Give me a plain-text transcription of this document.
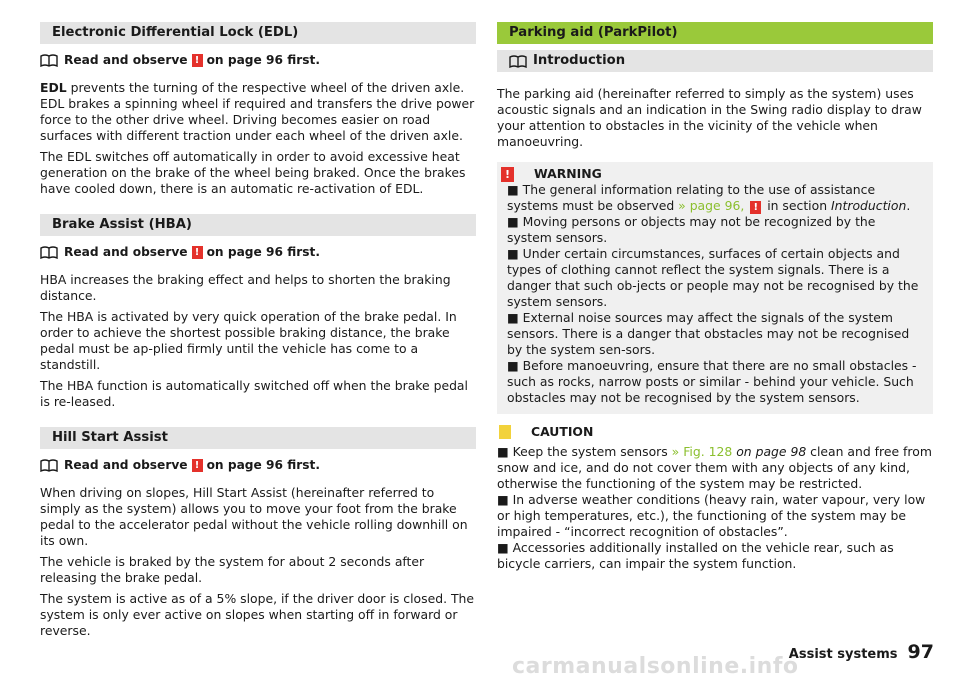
Electronic Differential Lock (EDL)
Read and observe ! on page 96 first.

EDL prevents the turning of the respective wheel of the driven axle. EDL brakes a spinning wheel if required and transfers the drive power force to the other drive wheel. Driving becomes easier on road surfaces with different traction under each wheel of the driven axle.

The EDL switches off automatically in order to avoid excessive heat generation on the brake of the wheel being braked. Once the brakes have cooled down, there is an automatic re-activation of EDL.

Brake Assist (HBA)
Read and observe ! on page 96 first.

HBA increases the braking effect and helps to shorten the braking distance.

The HBA is activated by very quick operation of the brake pedal. In order to achieve the shortest possible braking distance, the brake pedal must be ap-plied firmly until the vehicle has come to a standstill.

The HBA function is automatically switched off when the brake pedal is re-leased.

Hill Start Assist
Read and observe ! on page 96 first.

When driving on slopes, Hill Start Assist (hereinafter referred to simply as the system) allows you to move your foot from the brake pedal to the accelerator pedal without the vehicle rolling downhill on its own.

The vehicle is braked by the system for about 2 seconds after releasing the brake pedal.

The system is active as of a 5% slope, if the driver door is closed. The system is only ever active on slopes when starting off in forward or reverse.

Parking aid (ParkPilot)
Introduction

The parking aid (hereinafter referred to simply as the system) uses acoustic signals and an indication in the Swing radio display to draw your attention to obstacles in the vicinity of the vehicle when manoeuvring.

!	WARNING
■ The general information relating to the use of assistance systems must be observed » page 96, ! in section Introduction.
■ Moving persons or objects may not be recognized by the system sensors.
■ Under certain circumstances, surfaces of certain objects and types of clothing cannot reflect the system signals. There is a danger that such ob-jects or people may not be recognised by the system sensors.
■ External noise sources may affect the signals of the system sensors. There is a danger that obstacles may not be recognised by the system sen-sors.
■ Before manoeuvring, ensure that there are no small obstacles - such as rocks, narrow posts or similar - behind your vehicle. Such obstacles may not be recognised by the system sensors.
CAUTION
■ Keep the system sensors » Fig. 128 on page 98 clean and free from snow and ice, and do not cover them with any objects of any kind, otherwise the functioning of the system may be restricted.
■ In adverse weather conditions (heavy rain, water vapour, very low or high temperatures, etc.), the functioning of the system may be impaired - “incorrect recognition of obstacles”.
■ Accessories additionally installed on the vehicle rear, such as bicycle carriers, can impair the system function.
carmanualsonline.info
Assist systems 97
